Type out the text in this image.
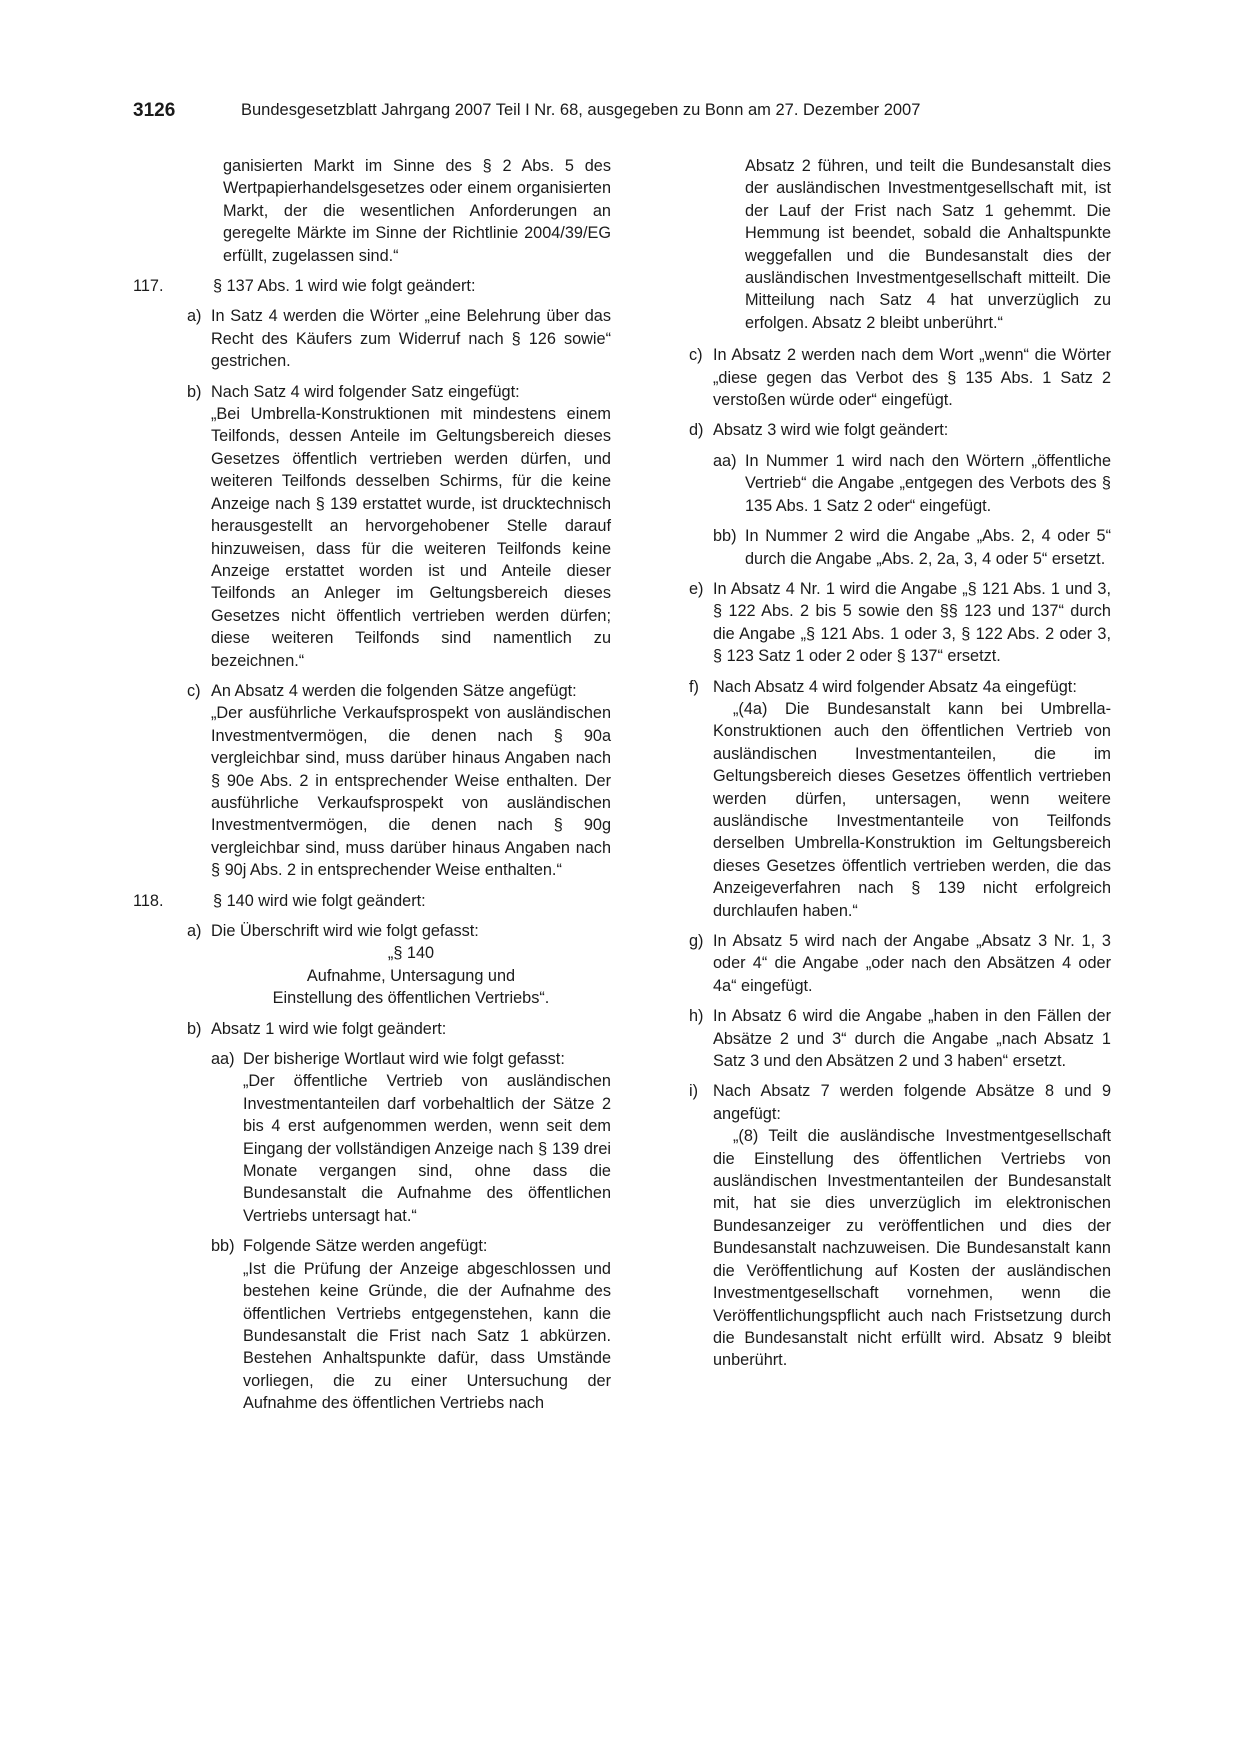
3126	Bundesgesetzblatt Jahrgang 2007 Teil I Nr. 68, ausgegeben zu Bonn am 27. Dezember 2007

ganisierten Markt im Sinne des § 2 Abs. 5 des Wertpapierhandelsgesetzes oder einem organisierten Markt, der die wesentlichen Anforderungen an geregelte Märkte im Sinne der Richtlinie 2004/39/EG erfüllt, zugelassen sind.“

117.	§ 137 Abs. 1 wird wie folgt geändert:

a) In Satz 4 werden die Wörter „eine Belehrung über das Recht des Käufers zum Widerruf nach § 126 sowie“ gestrichen.

b) Nach Satz 4 wird folgender Satz eingefügt:

„Bei Umbrella-Konstruktionen mit mindestens einem Teilfonds, dessen Anteile im Geltungsbereich dieses Gesetzes öffentlich vertrieben werden dürfen, und weiteren Teilfonds desselben Schirms, für die keine Anzeige nach § 139 erstattet wurde, ist drucktechnisch herausgestellt an hervorgehobener Stelle darauf hinzuweisen, dass für die weiteren Teilfonds keine Anzeige erstattet worden ist und Anteile dieser Teilfonds an Anleger im Geltungsbereich dieses Gesetzes nicht öffentlich vertrieben werden dürfen; diese weiteren Teilfonds sind namentlich zu bezeichnen.“

c) An Absatz 4 werden die folgenden Sätze angefügt:

„Der ausführliche Verkaufsprospekt von ausländischen Investmentvermögen, die denen nach § 90a vergleichbar sind, muss darüber hinaus Angaben nach § 90e Abs. 2 in entsprechender Weise enthalten. Der ausführliche Verkaufsprospekt von ausländischen Investmentvermögen, die denen nach § 90g vergleichbar sind, muss darüber hinaus Angaben nach § 90j Abs. 2 in entsprechender Weise enthalten.“

118.	§ 140 wird wie folgt geändert:

a) Die Überschrift wird wie folgt gefasst:

„§ 140

Aufnahme, Untersagung und

Einstellung des öffentlichen Vertriebs“.

b) Absatz 1 wird wie folgt geändert:

aa) Der bisherige Wortlaut wird wie folgt gefasst:

„Der öffentliche Vertrieb von ausländischen Investmentanteilen darf vorbehaltlich der Sätze 2 bis 4 erst aufgenommen werden, wenn seit dem Eingang der vollständigen Anzeige nach § 139 drei Monate vergangen sind, ohne dass die Bundesanstalt die Aufnahme des öffentlichen Vertriebs untersagt hat.“

bb) Folgende Sätze werden angefügt:

„Ist die Prüfung der Anzeige abgeschlossen und bestehen keine Gründe, die der Aufnahme des öffentlichen Vertriebs entgegenstehen, kann die Bundesanstalt die Frist nach Satz 1 abkürzen. Bestehen Anhaltspunkte dafür, dass Umstände vorliegen, die zu einer Untersuchung der Aufnahme des öffentlichen Vertriebs nach

Absatz 2 führen, und teilt die Bundesanstalt dies der ausländischen Investmentgesellschaft mit, ist der Lauf der Frist nach Satz 1 gehemmt. Die Hemmung ist beendet, sobald die Anhaltspunkte weggefallen und die Bundesanstalt dies der ausländischen Investmentgesellschaft mitteilt. Die Mitteilung nach Satz 4 hat unverzüglich zu erfolgen. Absatz 2 bleibt unberührt.“

c) In Absatz 2 werden nach dem Wort „wenn“ die Wörter „diese gegen das Verbot des § 135 Abs. 1 Satz 2 verstoßen würde oder“ eingefügt.

d) Absatz 3 wird wie folgt geändert:

aa) In Nummer 1 wird nach den Wörtern „öffentliche Vertrieb“ die Angabe „entgegen des Verbots des § 135 Abs. 1 Satz 2 oder“ eingefügt.

bb) In Nummer 2 wird die Angabe „Abs. 2, 4 oder 5“ durch die Angabe „Abs. 2, 2a, 3, 4 oder 5“ ersetzt.

e) In Absatz 4 Nr. 1 wird die Angabe „§ 121 Abs. 1 und 3, § 122 Abs. 2 bis 5 sowie den §§ 123 und 137“ durch die Angabe „§ 121 Abs. 1 oder 3, § 122 Abs. 2 oder 3, § 123 Satz 1 oder 2 oder § 137“ ersetzt.

f) Nach Absatz 4 wird folgender Absatz 4a eingefügt:

„(4a) Die Bundesanstalt kann bei Umbrella-Konstruktionen auch den öffentlichen Vertrieb von ausländischen Investmentanteilen, die im Geltungsbereich dieses Gesetzes öffentlich vertrieben werden dürfen, untersagen, wenn weitere ausländische Investmentanteile von Teilfonds derselben Umbrella-Konstruktion im Geltungsbereich dieses Gesetzes öffentlich vertrieben werden, die das Anzeigeverfahren nach § 139 nicht erfolgreich durchlaufen haben.“

g) In Absatz 5 wird nach der Angabe „Absatz 3 Nr. 1, 3 oder 4“ die Angabe „oder nach den Absätzen 4 oder 4a“ eingefügt.

h) In Absatz 6 wird die Angabe „haben in den Fällen der Absätze 2 und 3“ durch die Angabe „nach Absatz 1 Satz 3 und den Absätzen 2 und 3 haben“ ersetzt.

i) Nach Absatz 7 werden folgende Absätze 8 und 9 angefügt:

„(8) Teilt die ausländische Investmentgesellschaft die Einstellung des öffentlichen Vertriebs von ausländischen Investmentanteilen der Bundesanstalt mit, hat sie dies unverzüglich im elektronischen Bundesanzeiger zu veröffentlichen und dies der Bundesanstalt nachzuweisen. Die Bundesanstalt kann die Veröffentlichung auf Kosten der ausländischen Investmentgesellschaft vornehmen, wenn die Veröffentlichungspflicht auch nach Fristsetzung durch die Bundesanstalt nicht erfüllt wird. Absatz 9 bleibt unberührt.
